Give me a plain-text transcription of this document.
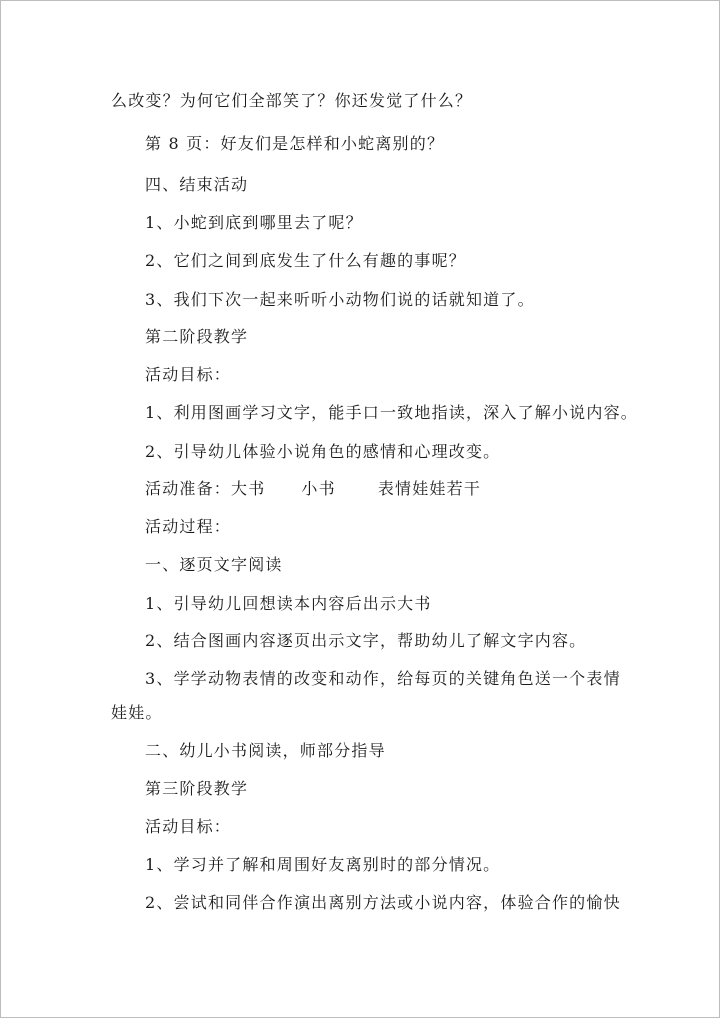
么改变？为何它们全部笑了？你还发觉了什么？
第 8 页：好友们是怎样和小蛇离别的？
四、结束活动
1、小蛇到底到哪里去了呢？
2、它们之间到底发生了什么有趣的事呢？
3、我们下次一起来听听小动物们说的话就知道了。
第二阶段教学
活动目标：
1、利用图画学习文字，能手口一致地指读，深入了解小说内容。
2、引导幼儿体验小说角色的感情和心理改变。
活动准备：大书 小书	表情娃娃若干
活动过程：
一、逐页文字阅读
1、引导幼儿回想读本内容后出示大书
2、结合图画内容逐页出示文字，帮助幼儿了解文字内容。
3、学学动物表情的改变和动作，给每页的关键角色送一个表情
娃娃。
二、幼儿小书阅读，师部分指导
第三阶段教学
活动目标：
1、学习并了解和周围好友离别时的部分情况。
2、尝试和同伴合作演出离别方法或小说内容，体验合作的愉快
